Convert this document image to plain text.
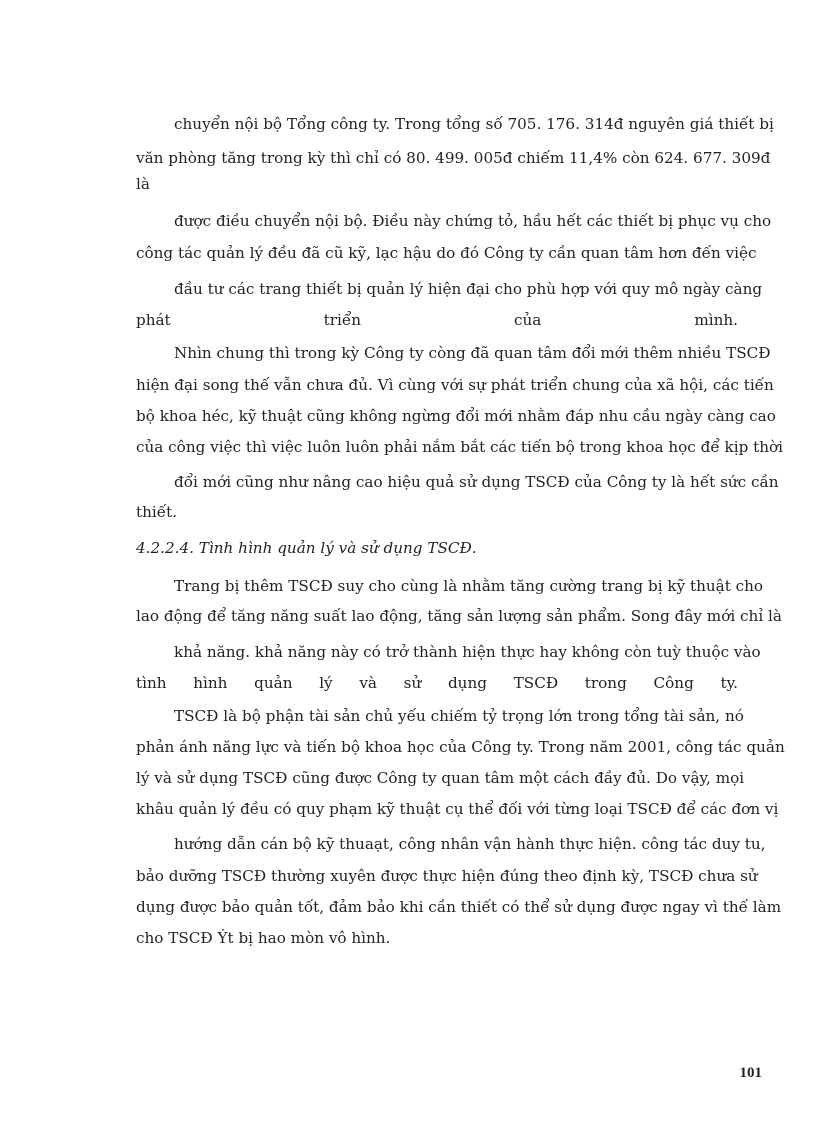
chuyển nội bộ Tổng công ty. Trong tổng số 705. 176. 314đ nguyên giá thiết bị
văn phòng tăng trong kỳ thì chỉ có 80. 499. 005đ chiếm 11,4% còn 624. 677. 309đ
là
được điều chuyển nội bộ. Điều này chứng tỏ, hầu hết các thiết bị phục vụ cho
công tác quản lý đều đã cũ kỹ, lạc hậu do đó Công ty cần quan tâm hơn đến việc
đầu tư các trang thiết bị quản lý hiện đại cho phù hợp với quy mô ngày càng
phát triển của mình.
Nhìn chung thì trong kỳ Công ty còng đã quan tâm đổi mới thêm nhiều TSCĐ
hiện đại song thế vẫn chưa đủ. Vì cùng với sự phát triển chung của xã hội, các tiến
bộ khoa héc, kỹ thuật cũng không ngừng đổi mới nhằm đáp nhu cầu ngày càng cao
của công việc thì việc luôn luôn phải nắm bắt các tiến bộ trong khoa học để kịp thời
đổi mới cũng như nâng cao hiệu quả sử dụng TSCĐ của Công ty là hết sức cần
thiết.
4.2.2.4. Tình hình quản lý và sử dụng TSCĐ.
Trang bị thêm TSCĐ suy cho cùng là nhằm tăng cường trang bị kỹ thuật cho
lao động để tăng năng suất lao động, tăng sản lượng sản phẩm. Song đây mới chỉ là
khả năng. khả năng này có trở thành hiện thực hay không còn tuỳ thuộc vào
tình hình quản lý và sử dụng TSCĐ trong Công ty.
TSCĐ là bộ phận tài sản chủ yếu chiếm tỷ trọng lớn trong tổng tài sản, nó
phản ánh năng lực và tiến bộ khoa học của Công ty. Trong năm 2001, công tác quản
lý và sử dụng TSCĐ cũng được Công ty quan tâm một cách đầy đủ. Do vậy, mọi
khâu quản lý đều có quy phạm kỹ thuật cụ thể đối với từng loại TSCĐ để các đơn vị
hướng dẫn cán bộ kỹ thuaạt, công nhân vận hành thực hiện. công tác duy tu,
bảo dưỡng TSCĐ thường xuyên được thực hiện đúng theo định kỳ, TSCĐ chưa sử
dụng được bảo quản tốt, đảm bảo khi cần thiết có thể sử dụng được ngay vì thế làm
cho TSCĐ Ýt bị hao mòn vô hình.
101
